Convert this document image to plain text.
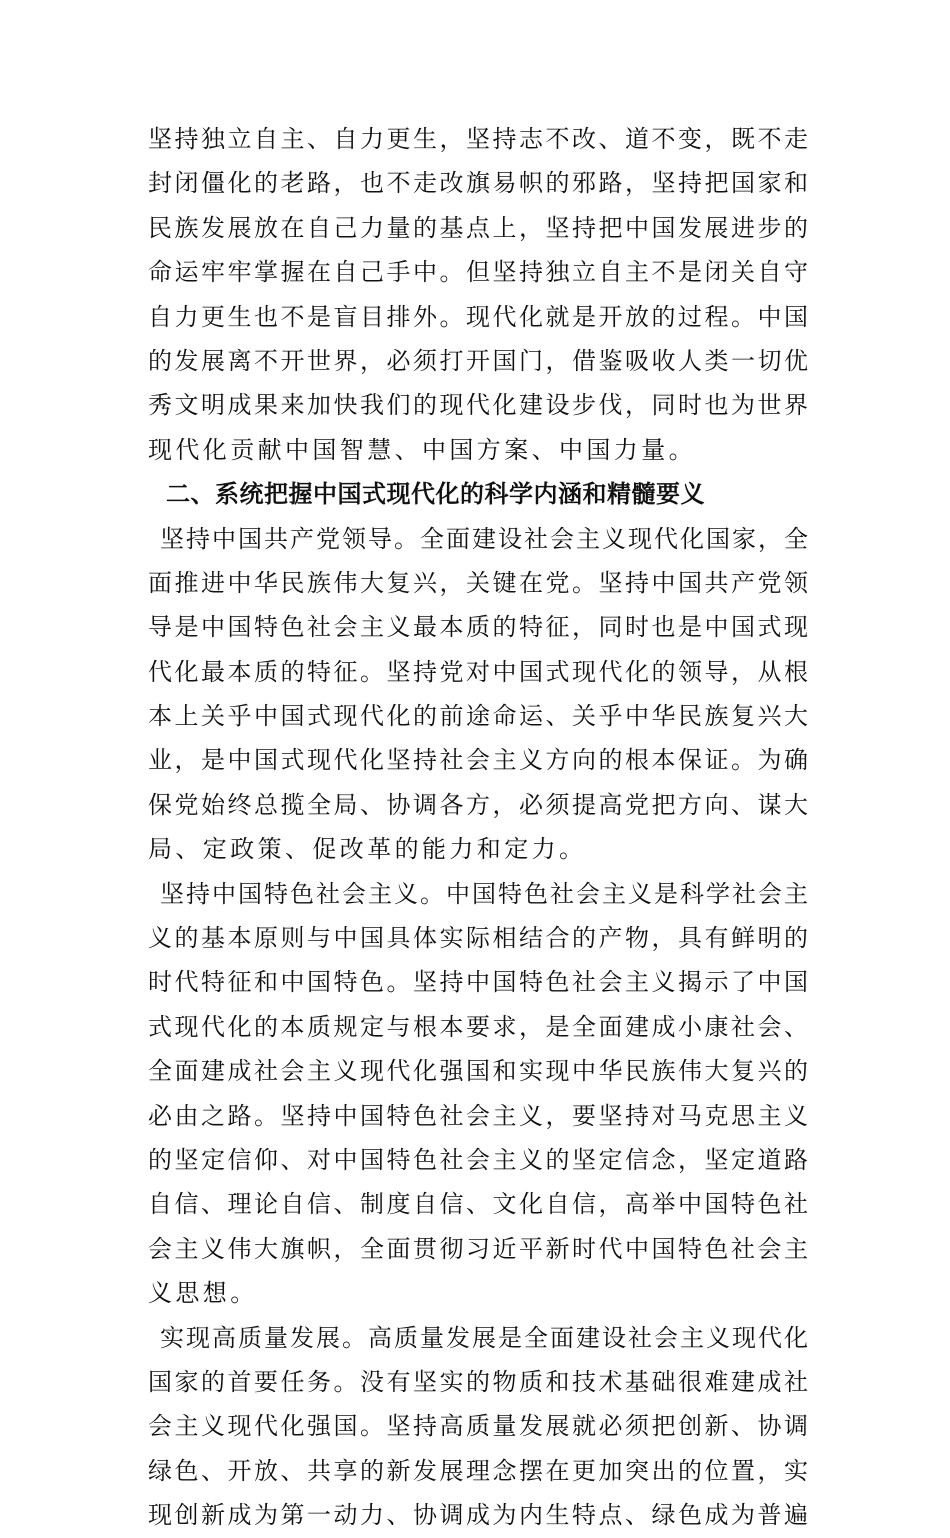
坚持独立自主、自力更生，坚持志不改、道不变，既不走
封闭僵化的老路，也不走改旗易帜的邪路，坚持把国家和
民族发展放在自己力量的基点上，坚持把中国发展进步的
命运牢牢掌握在自己手中。但坚持独立自主不是闭关自守
自力更生也不是盲目排外。现代化就是开放的过程。中国
的发展离不开世界，必须打开国门，借鉴吸收人类一切优
秀文明成果来加快我们的现代化建设步伐，同时也为世界
现代化贡献中国智慧、中国方案、中国力量。
二、系统把握中国式现代化的科学内涵和精髓要义
坚持中国共产党领导。全面建设社会主义现代化国家，全
面推进中华民族伟大复兴，关键在党。坚持中国共产党领
导是中国特色社会主义最本质的特征，同时也是中国式现
代化最本质的特征。坚持党对中国式现代化的领导，从根
本上关乎中国式现代化的前途命运、关乎中华民族复兴大
业，是中国式现代化坚持社会主义方向的根本保证。为确
保党始终总揽全局、协调各方，必须提高党把方向、谋大
局、定政策、促改革的能力和定力。
坚持中国特色社会主义。中国特色社会主义是科学社会主
义的基本原则与中国具体实际相结合的产物，具有鲜明的
时代特征和中国特色。坚持中国特色社会主义揭示了中国
式现代化的本质规定与根本要求，是全面建成小康社会、
全面建成社会主义现代化强国和实现中华民族伟大复兴的
必由之路。坚持中国特色社会主义，要坚持对马克思主义
的坚定信仰、对中国特色社会主义的坚定信念，坚定道路
自信、理论自信、制度自信、文化自信，高举中国特色社
会主义伟大旗帜，全面贯彻习近平新时代中国特色社会主
义思想。
实现高质量发展。高质量发展是全面建设社会主义现代化
国家的首要任务。没有坚实的物质和技术基础很难建成社
会主义现代化强国。坚持高质量发展就必须把创新、协调
绿色、开放、共享的新发展理念摆在更加突出的位置，实
现创新成为第一动力、协调成为内生特点、绿色成为普遍
